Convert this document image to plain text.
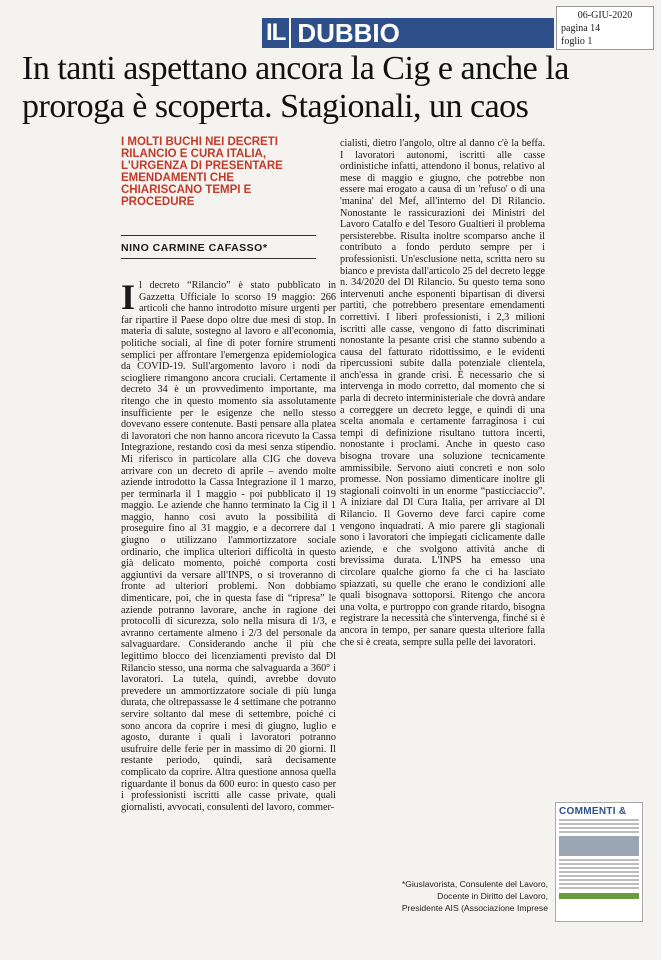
IL DUBBIO
06-GIU-2020
pagina 14
foglio 1
In tanti aspettano ancora la Cig e anche la proroga è scoperta. Stagionali, un caos
I MOLTI BUCHI NEI DECRETI RILANCIO E CURA ITALIA, L'URGENZA DI PRESENTARE EMENDAMENTI CHE CHIARISCANO TEMPI E PROCEDURE
NINO CARMINE CAFASSO*
Il decreto “Rilancio” è stato pubblicato in Gazzetta Ufficiale lo scorso 19 maggio: 266 articoli che hanno introdotto misure urgenti per far ripartire il Paese dopo oltre due mesi di stop. In materia di salute, sostegno al lavoro e all'economia, politiche sociali, al fine di poter fornire strumenti semplici per affrontare l'emergenza epidemiologica da COVID-19. Sull'argomento lavoro i nodi da sciogliere rimangono ancora cruciali. Certamente il decreto 34 è un provvedimento importante, ma ritengo che in questo momento sia assolutamente insufficiente per le esigenze che nello stesso dovevano essere contenute. Basti pensare alla platea di lavoratori che non hanno ancora ricevuto la Cassa Integrazione, restando così da mesi senza stipendio. Mi riferisco in particolare alla CIG che doveva arrivare con un decreto di aprile – avendo molte aziende introdotto la Cassa Integrazione il 1 marzo, per terminarla il 1 maggio - poi pubblicato il 19 maggio. Le aziende che hanno terminato la Cig il 1 maggio, hanno così avuto la possibilità di proseguire fino al 31 maggio, e a decorrere dal 1 giugno o utilizzano l'ammortizzatore sociale ordinario, che implica ulteriori difficoltà in questo già delicato momento, poiché comporta costi aggiuntivi da versare all'INPS, o si troveranno di fronte ad ulteriori problemi. Non dobbiamo dimenticare, poi, che in questa fase di “ripresa” le aziende potranno lavorare, anche in ragione dei protocolli di sicurezza, solo nella misura di 1/3, e avranno certamente almeno i 2/3 del personale da salvaguardare. Considerando anche il più che legittimo blocco dei licenziamenti previsto dal Dl Rilancio stesso, una norma che salvaguarda a 360° i lavoratori. La tutela, quindi, avrebbe dovuto prevedere un ammortizzatore sociale di più lunga durata, che oltrepassasse le 4 settimane che potranno servire soltanto dal mese di settembre, poiché ci sono ancora da coprire i mesi di giugno, luglio e agosto, durante i quali i lavoratori potranno usufruire delle ferie per in massimo di 20 giorni. Il restante periodo, quindi, sarà decisamente complicato da coprire. Altra questione annosa quella riguardante il bonus da 600 euro: in questo caso per i professionisti iscritti alle casse private, quali giornalisti, avvocati, consulenti del lavoro, commer-
cialisti, dietro l'angolo, oltre al danno c'è la beffa. I lavoratori autonomi, iscritti alle casse ordinistiche infatti, attendono il bonus, relativo al mese di maggio e giugno, che potrebbe non essere mai erogato a causa di un 'refuso' o di una 'manina' del Mef, all'interno del Dl Rilancio. Nonostante le rassicurazioni dei Ministri del Lavoro Catalfo e del Tesoro Gualtieri il problema persisterebbe. Risulta inoltre scomparso anche il contributo a fondo perduto sempre per i professionisti. Un'esclusione netta, scritta nero su bianco e prevista dall'articolo 25 del decreto legge n. 34/2020 del Dl Rilancio. Su questo tema sono intervenuti anche esponenti bipartisan di diversi partiti, che potrebbero presentare emendamenti correttivi. I liberi professionisti, i 2,3 milioni iscritti alle casse, vengono di fatto discriminati nonostante la pesante crisi che stanno subendo a causa del fatturato ridottissimo, e le evidenti ripercussioni subite dalla potenziale clientela, anch'essa in grande crisi. È necessario che si intervenga in modo corretto, dal momento che si parla di decreto interministeriale che dovrà andare a correggere un decreto legge, e quindi di una scelta anomala e certamente farraginosa i cui tempi di definizione risultano tuttora incerti, nonostante i proclami. Anche in questo caso bisogna trovare una soluzione tecnicamente ammissibile. Servono aiuti concreti e non solo promesse. Non possiamo dimenticare inoltre gli stagionali coinvolti in un enorme “pasticciaccio”. A iniziare dal Dl Cura Italia, per arrivare al Dl Rilancio. Il Governo deve farci capire come vengono inquadrati. A mio parere gli stagionali sono i lavoratori che impiegati ciclicamente dalle aziende, e che svolgono attività anche di brevissima durata. L'INPS ha emesso una circolare qualche giorno fa che ci ha lasciato spiazzati, su quelle che erano le condizioni alle quali bisognava sottoporsi. Ritengo che ancora una volta, e purtroppo con grande ritardo, bisogna registrare la necessità che s'intervenga, finché si è ancora in tempo, per sanare questa ulteriore falla che si è creata, sempre sulla pelle dei lavoratori.
*Giuslavorista, Consulente del Lavoro,
Docente in Diritto del Lavoro,
Presidente AIS (Associazione Imprese
COMMENTI &
